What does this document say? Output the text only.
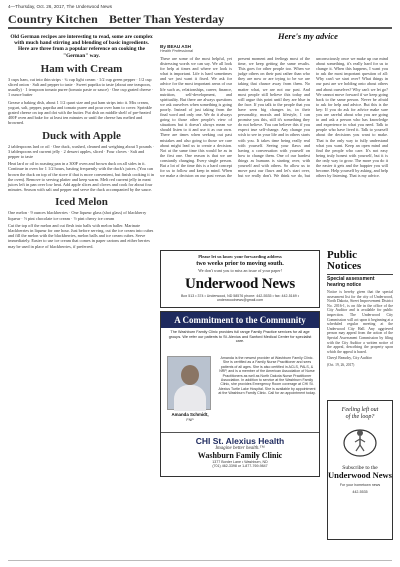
4—Thursday, Oct. 26, 2017, The Underwood News
Country Kitchen Better Than Yesterday
Old German recipes are interesting to read, some are complex with much hand stirring and blending of basic ingredients. Here are three from a popular reference on cooking the "German" way.
Ham with Cream
3 cups ham, cut into thin strips · ¾ cup light cream · 1/2 cup green pepper · 1/2 cup sliced onion · Salt and pepper to taste · Sweet paprika to taste (about one teaspoon, usually) · 1 teaspoon tomato puree (tomato paste or sauce) · One cup grated cheese · 1 ounce butter
Grease a baking dish, about 1 1/2 quart size and put ham strips into it. Mix cream, yogurt, salt, pepper, paprika and tomato puree and pour over ham to cover. Sprinkle grated cheese on top and dot with the butter. Put dish on middle shelf of pre-heated 400F oven and bake for at least ten minutes or until the cheese has melted and browned.
Duck with Apple
2 tablespoons lard or oil · One duck, washed, cleaned and weighing about 5 pounds · 3 tablespoons red current jelly · 2 dessert apples, sliced · Four cloves · Salt and pepper to taste
Heat lard or oil in roasting pan in a 300F oven and brown duck on all sides in it. Continue in oven for 1 1/2 hours, basting frequently with the duck's juices. (You can brown the duck on top of the stove if that is more convenient, but finish cooking it in the oven). Remove to serving platter and keep warm. Melt red current jelly in meat juices left in pan over low heat. Add apple slices and cloves and cook for about four minutes. Season with salt and pepper and serve the duck accompanied by the sauce.
Iced Melon
One melon · 9 ounces blackberries · One liqueur glass (shot glass) of blackberry liqueur · ½ pint chocolate ice cream · ½ pint cherry ice cream
Cut the top off the melon and cut flesh into balls with melon baller. Marinate blackberries in liqueur for one hour. Just before serving, cut the ice cream into cubes and fill the melon with the blackberries, melon balls and ice cream cubes. Serve immediately. Easier to use ice cream that comes in paper cartons and either berries may be used in place of blackberries, if preferred.
Here's my advice
By BEAU ASH
Health Professional
These are some of the most helpful, yet distressing words we can say. We all look for help at times and where we look is what is important. Life is hard sometimes and we just want it fixed. We ask for advice for the most important areas of our life such as, relationships, career, finance, nutrition, self-development, and spirituality. But there are always questions we ask ourselves when something is going poorly. Instead of just taking from the final word and only one. We do it always going to those other people's view of situations but it doesn't always mean we should listen to it and use it as our own. There are times when seeking out past mistakes and also going to those we care about might lead us to create a decision. Not at the same time this would be as in the first one. One reason is that we are constantly changing. Every single person. But a lot of the time this is a hard concept for us to follow and keep in mind. When we make a decision on our past versus the present moment and feelings most of the time, we keep getting the same results. This goes for other people too. When we judge others on their past rather than who they are now or are trying to be we are taking that chance away from them. No matter what, we are not our past. And most people still believe this today and will argue this point until they are blue in the face. If you talk to the people that you have seen big changes in, in their personality, morals and lifestyle, I can promise you this, still it's something they do not believe. You can believe this if you expect true self-change. Any change you wish to see in your life and in others starts with you. It takes time being really real with yourself. Seeing your flaws and having a conversation with yourself on how to change them. One of our hardest things as humans is starting over, with yourself and with others. So allow us to move past our flaws and let's start over, but we really don't. We think we do, but unconsciously once we make up our mind about something, it's really hard for us to change it. When this happens, I want you to ask the most important question of all: Why can't we start over? What things in our past are we holding onto about others and about ourselves? Why can't we let go? We cannot move forward if we keep going back to the same person. Never be afraid to ask for help and advice. But this is the key: If you do ask for advice make sure you are careful about who you are going to and ask a person who has knowledge and experience in what you need. Talk to people who have lived it. Talk to yourself about the decisions you want to make. That is the only way to fully understand what you want. Keep an open mind and find the people who care. It's not easy being truly honest with yourself, but it is the only way to grow. The more you do it the easier it gets and the happier you will become. Help yourself by asking, and help others by listening. That is my advice.
Please let us know your forwarding address
two weeks prior to moving south.
We don't want you to miss an issue of your paper!
Underwood News
Box 513 • 374 • Underwood, ND 58576 phone: 442-5535 • fax: 442-5169 • underwoodnews@gmail.com
A Commitment to the Community
The Washburn Family Clinic provides full range Family Practice services for all age groups. We refer our patients to St. Alexius and Sanford Medical Center for specialist care.
Amanda Schmidt,
FNP
Amanda is the newest provider at Washburn Family Clinic. She is certified as a Family Nurse Practitioner and sees patients of all ages. She is also certified in ACLS, PALS, & NRP, and is a member of the American Association of Nurse Practitioners as well as North Dakota Nurse Practitioner Association. In addition to service at the Washburn Family Clinic, she provides Emergency Room coverage at CHI St. Alexius Turtle Lake Hospital. She is available by appointment at the Washburn Family Clinic. Call for an appointment today.
CHI St. Alexius Health
Imagine better health.™
Washburn Family Clinic
1377 Border Lane • Washburn, ND
(701) 462-3398 or 1-877-769-9847
Public Notices
Special assessment hearing notice
Notice is hereby given that the special assessment list for the city of Underwood, North Dakota, Street Improvement District No. 2016-1, is on file in the office of the City Auditor and is available for public inspection. The Underwood City Commission will act upon it beginning at a scheduled regular meeting at the Underwood City Hall. Any aggrieved person may appeal from the action of the Special Assessment Commission by filing with the City Auditor a written notice of the appeal, describing the property upon which the appeal is based.
Cheryl Beaudry, City Auditor
(Oct. 19, 26, 2017)
Feeling left out
of the loop?
Subscribe to the
Underwood News
For your hometown news
442-5535
